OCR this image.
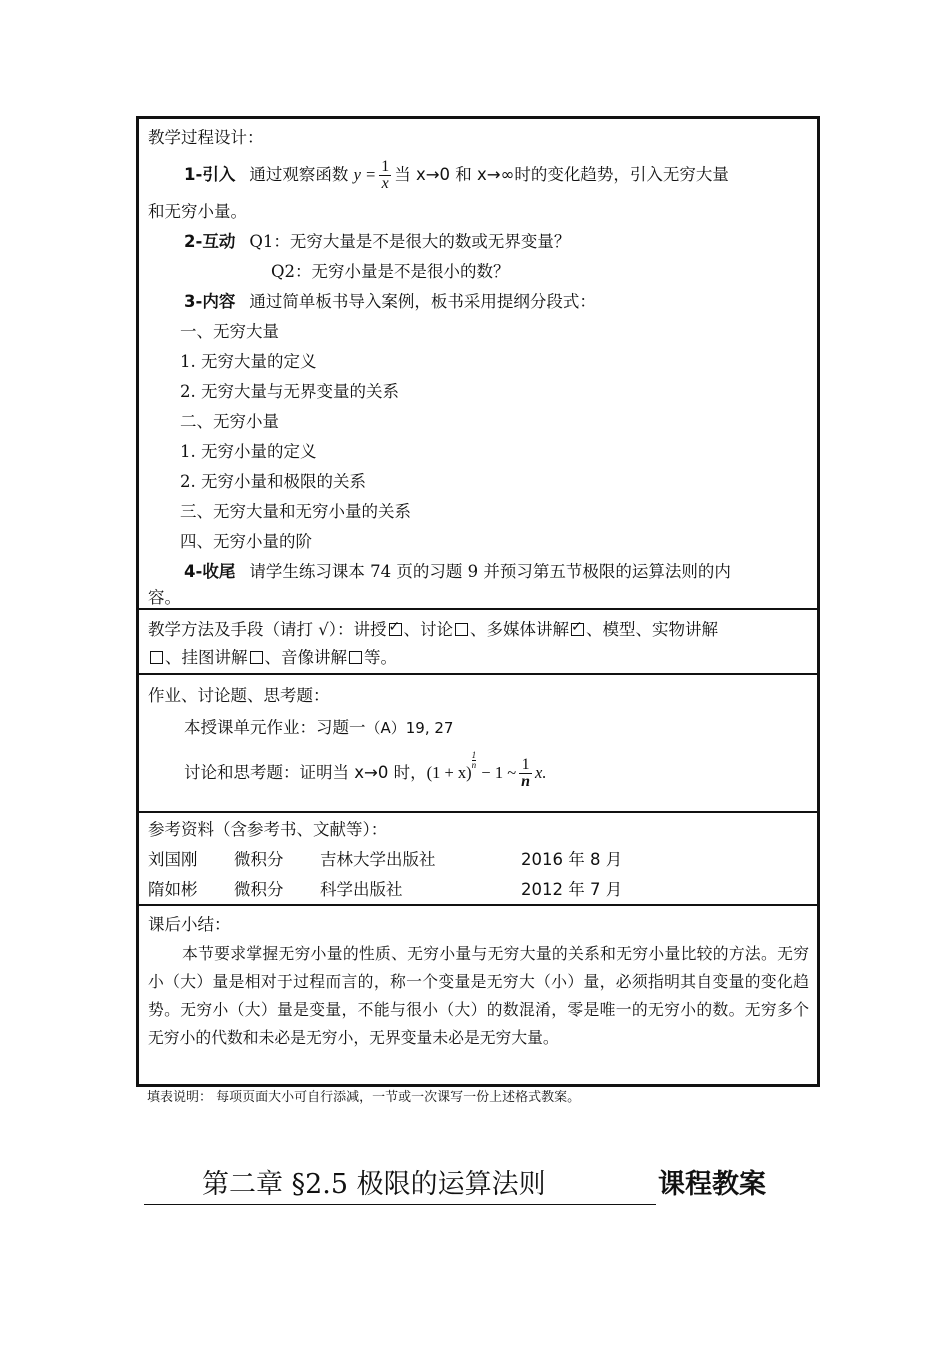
教学过程设计：
1-引入 通过观察函数 $y = \frac{1}{x}$ 当 x→0 和 x→∞时的变化趋势，引入无穷大量
和无穷小量。
2-互动 Q1：无穷大量是不是很大的数或无界变量？
Q2：无穷小量是不是很小的数？
3-内容 通过简单板书导入案例，板书采用提纲分段式：
一、无穷大量
1. 无穷大量的定义
2. 无穷大量与无界变量的关系
二、无穷小量
1. 无穷小量的定义
2. 无穷小量和极限的关系
三、无穷大量和无穷小量的关系
四、无穷小量的阶
4-收尾 请学生练习课本 74 页的习题 9 并预习第五节极限的运算法则的内
容。
教学方法及手段（请打 √）：讲授 ✓ 、讨论 、多媒体讲解 ✓ 、模型、实物讲解
、挂图讲解 、音像讲解 等。
作业、讨论题、思考题：
本授课单元作业：习题一（A）19, 27
讨论和思考题：证明当 x→0 时，(1 + x)
$\frac{1}{n} - 1$ ~ $\frac{1}{n} x$.
参考资料（含参考书、文献等）：
刘国刚 微积分 吉林大学出版社	2016 年 8 月
隋如彬 微积分 科学出版社	2012 年 7 月
课后小结：
本节要求掌握无穷小量的性质、无穷小量与无穷大量的关系和无穷小量比较的方法。无穷小（大）量是相对于过程而言的，称一个变量是无穷大（小）量，必须指明其自变量的变化趋势。无穷小（大）量是变量，不能与很小（大）的数混淆，零是唯一的无穷小的数。无穷多个无穷小的代数和未必是无穷小，无界变量未必是无穷大量。
填表说明： 每项页面大小可自行添减，一节或一次课写一份上述格式教案。
第二章 §2.5 极限的运算法则	课程教案
